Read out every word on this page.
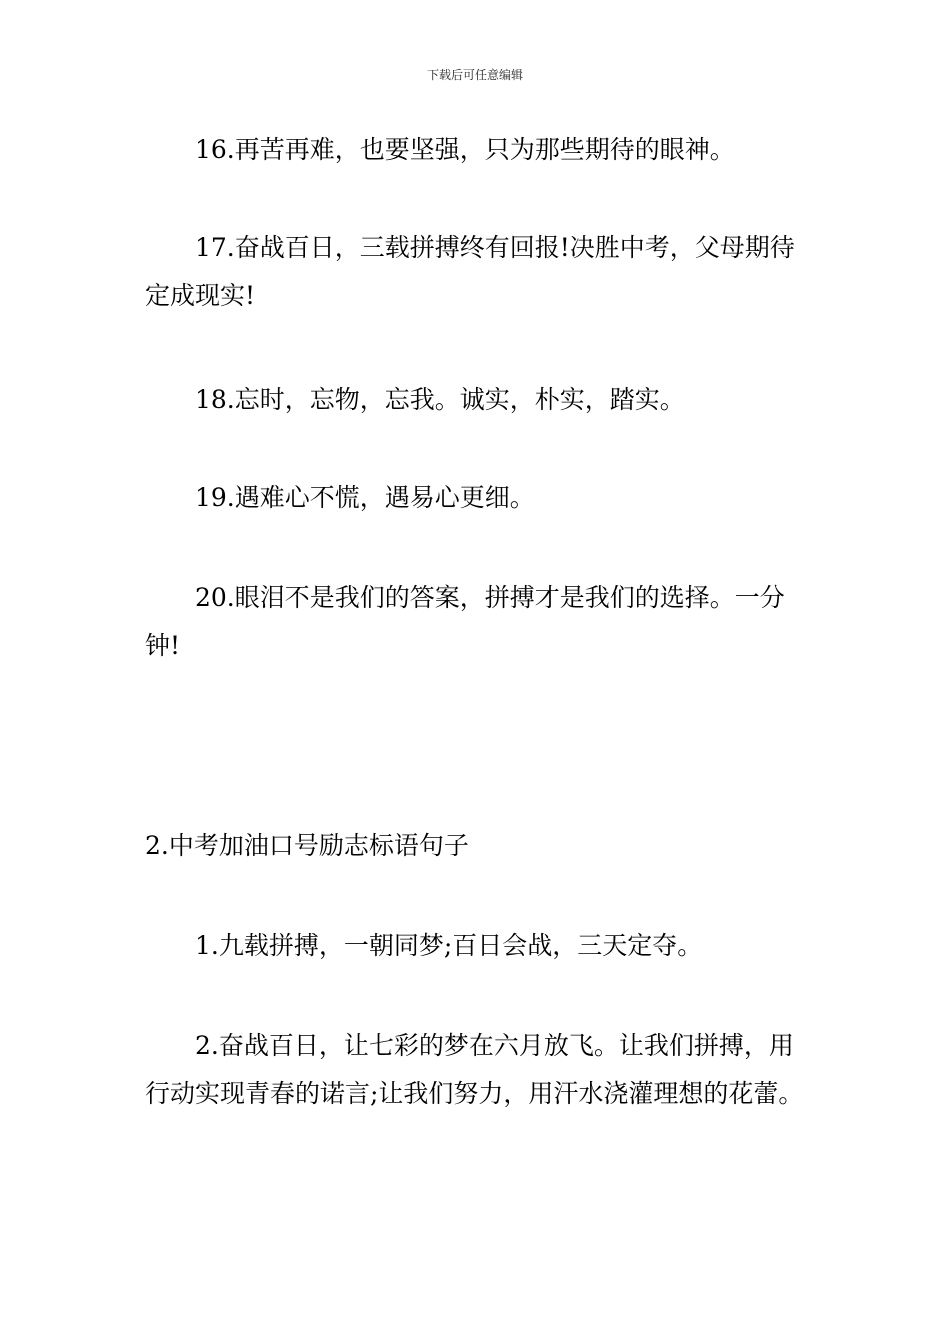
下载后可任意编辑

16.再苦再难，也要坚强，只为那些期待的眼神。

17.奋战百日，三载拼搏终有回报!决胜中考，父母期待定成现实!

18.忘时，忘物，忘我。诚实，朴实，踏实。

19.遇难心不慌，遇易心更细。

20.眼泪不是我们的答案，拼搏才是我们的选择。一分钟!

2.中考加油口号励志标语句子

1.九载拼搏，一朝同梦;百日会战，三天定夺。

2.奋战百日，让七彩的梦在六月放飞。让我们拼搏，用行动实现青春的诺言;让我们努力，用汗水浇灌理想的花蕾。
